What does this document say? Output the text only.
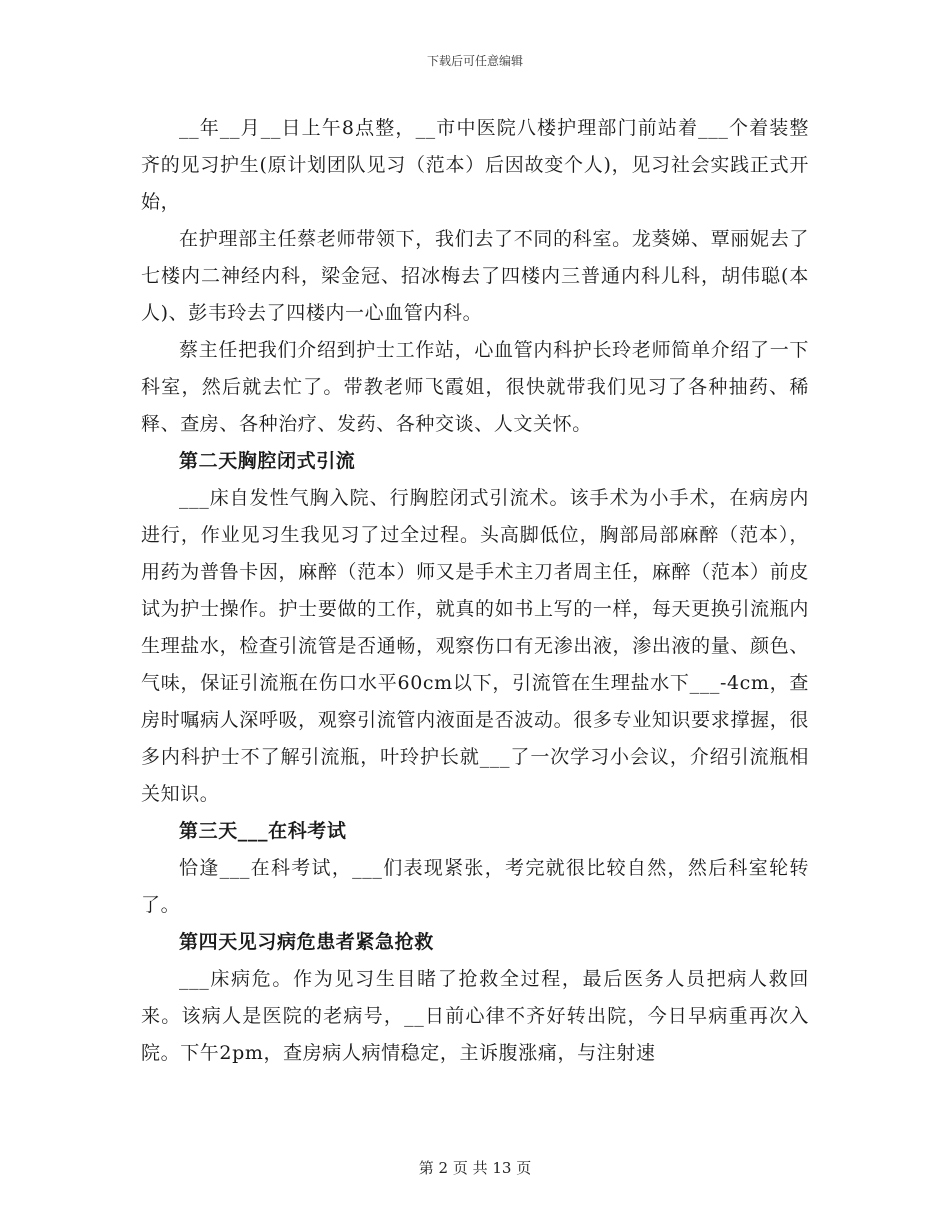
下载后可任意编辑

__年__月__日上午8点整，__市中医院八楼护理部门前站着___个着装整齐的见习护生(原计划团队见习（范本）后因故变个人)，见习社会实践正式开始，

在护理部主任蔡老师带领下，我们去了不同的科室。龙葵娣、覃丽妮去了七楼内二神经内科，梁金冠、招冰梅去了四楼内三普通内科儿科，胡伟聪(本人)、彭韦玲去了四楼内一心血管内科。

蔡主任把我们介绍到护士工作站，心血管内科护长玲老师简单介绍了一下科室，然后就去忙了。带教老师飞霞姐，很快就带我们见习了各种抽药、稀释、查房、各种治疗、发药、各种交谈、人文关怀。

第二天胸腔闭式引流

___床自发性气胸入院、行胸腔闭式引流术。该手术为小手术，在病房内进行，作业见习生我见习了过全过程。头高脚低位，胸部局部麻醉（范本），用药为普鲁卡因，麻醉（范本）师又是手术主刀者周主任，麻醉（范本）前皮试为护士操作。护士要做的工作，就真的如书上写的一样，每天更换引流瓶内生理盐水，检查引流管是否通畅，观察伤口有无渗出液，渗出液的量、颜色、气味，保证引流瓶在伤口水平60cm以下，引流管在生理盐水下___-4cm，查房时嘱病人深呼吸，观察引流管内液面是否波动。很多专业知识要求撑握，很多内科护士不了解引流瓶，叶玲护长就___了一次学习小会议，介绍引流瓶相关知识。

第三天___在科考试

恰逢___在科考试，___们表现紧张，考完就很比较自然，然后科室轮转了。

第四天见习病危患者紧急抢救

___床病危。作为见习生目睹了抢救全过程，最后医务人员把病人救回来。该病人是医院的老病号，__日前心律不齐好转出院，今日早病重再次入院。下午2pm，查房病人病情稳定，主诉腹涨痛，与注射速

第 2 页 共 13 页
